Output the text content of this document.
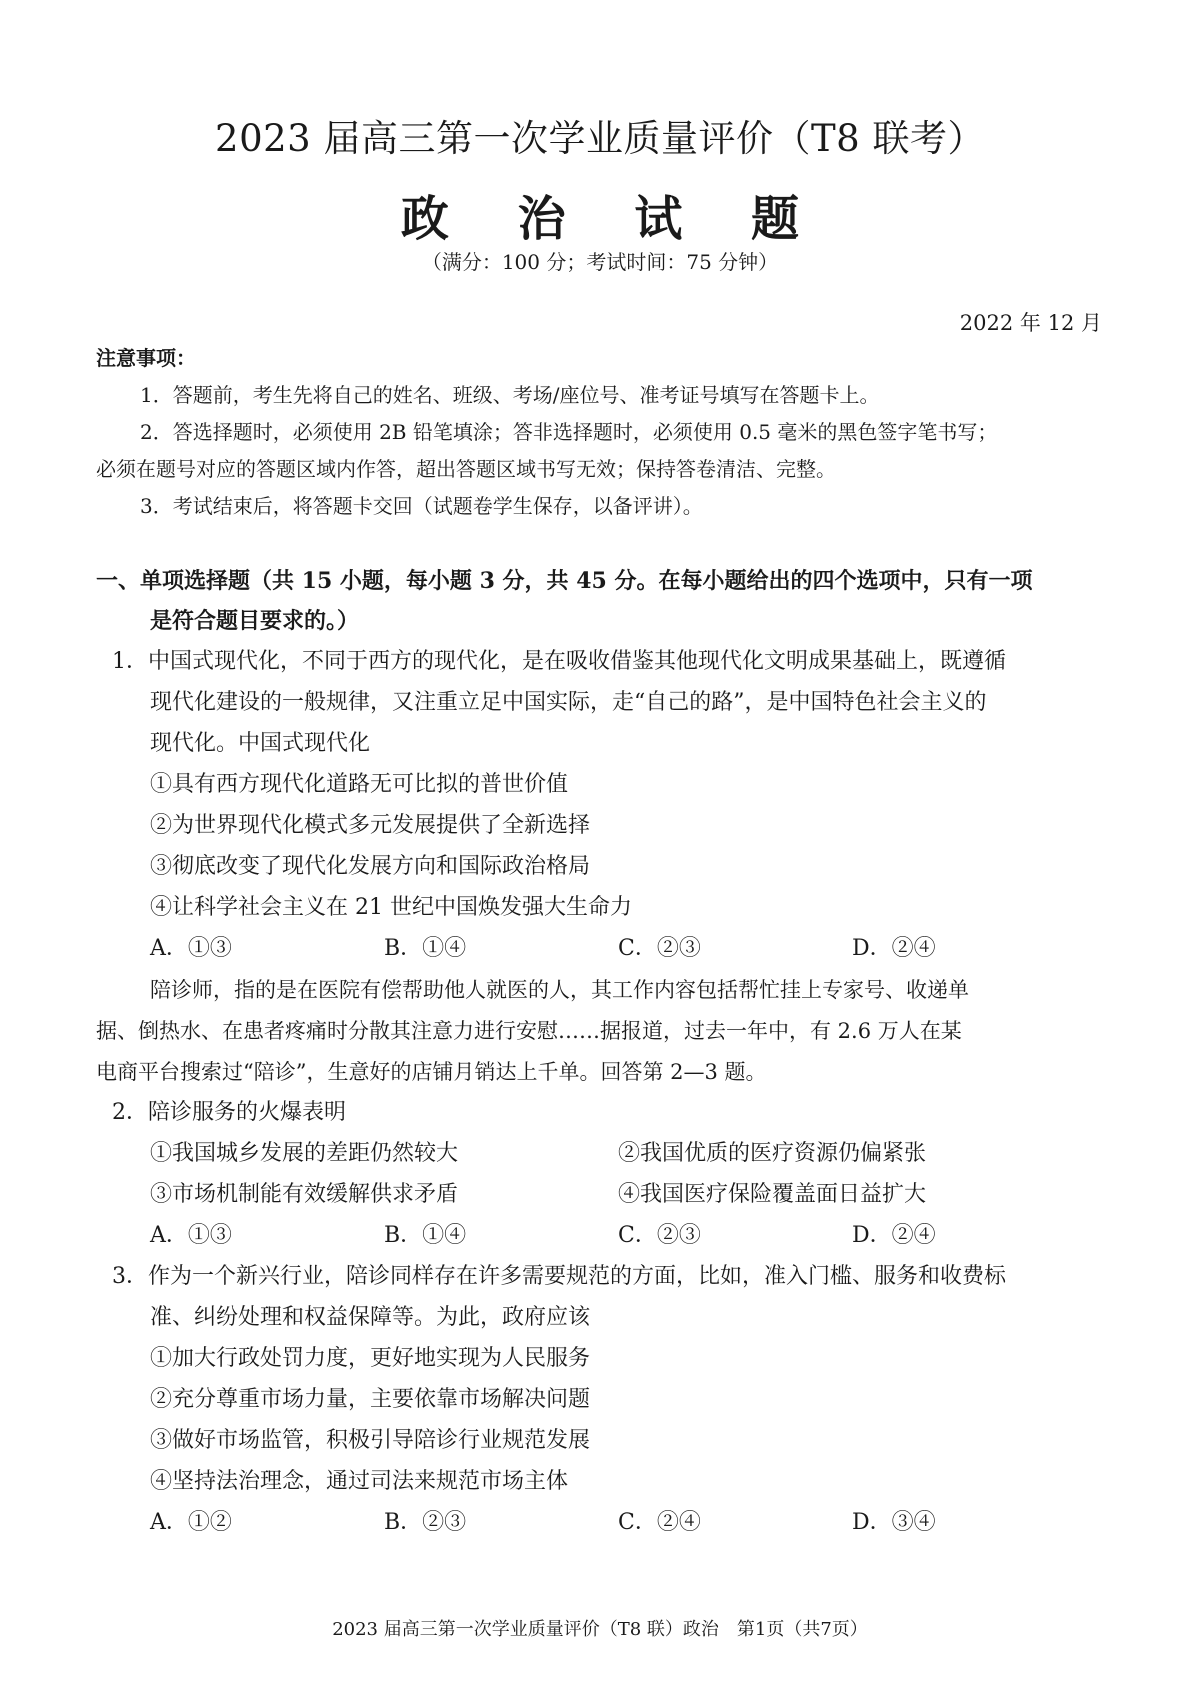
2023 届高三第一次学业质量评价（T8 联考）
政 治 试 题
（满分：100 分；考试时间：75 分钟）
2022 年 12 月
注意事项：
1．答题前，考生先将自己的姓名、班级、考场/座位号、准考证号填写在答题卡上。
2．答选择题时，必须使用 2B 铅笔填涂；答非选择题时，必须使用 0.5 毫米的黑色签字笔书写；
必须在题号对应的答题区域内作答，超出答题区域书写无效；保持答卷清洁、完整。
3．考试结束后，将答题卡交回（试题卷学生保存，以备评讲）。
一、单项选择题（共 15 小题，每小题 3 分，共 45 分。在每小题给出的四个选项中，只有一项
是符合题目要求的。）
1．中国式现代化，不同于西方的现代化，是在吸收借鉴其他现代化文明成果基础上，既遵循
现代化建设的一般规律，又注重立足中国实际，走“自己的路”，是中国特色社会主义的
现代化。中国式现代化
①具有西方现代化道路无可比拟的普世价值
②为世界现代化模式多元发展提供了全新选择
③彻底改变了现代化发展方向和国际政治格局
④让科学社会主义在 21 世纪中国焕发强大生命力
A．①③	B．①④	C．②③	D．②④
陪诊师，指的是在医院有偿帮助他人就医的人，其工作内容包括帮忙挂上专家号、收递单
据、倒热水、在患者疼痛时分散其注意力进行安慰……据报道，过去一年中，有 2.6 万人在某
电商平台搜索过“陪诊”，生意好的店铺月销达上千单。回答第 2—3 题。
2．陪诊服务的火爆表明
①我国城乡发展的差距仍然较大	②我国优质的医疗资源仍偏紧张
③市场机制能有效缓解供求矛盾	④我国医疗保险覆盖面日益扩大
A．①③	B．①④	C．②③	D．②④
3．作为一个新兴行业，陪诊同样存在许多需要规范的方面，比如，准入门槛、服务和收费标
准、纠纷处理和权益保障等。为此，政府应该
①加大行政处罚力度，更好地实现为人民服务
②充分尊重市场力量，主要依靠市场解决问题
③做好市场监管，积极引导陪诊行业规范发展
④坚持法治理念，通过司法来规范市场主体
A．①②	B．②③	C．②④	D．③④
2023 届高三第一次学业质量评价（T8 联）政治　第1页（共7页）
